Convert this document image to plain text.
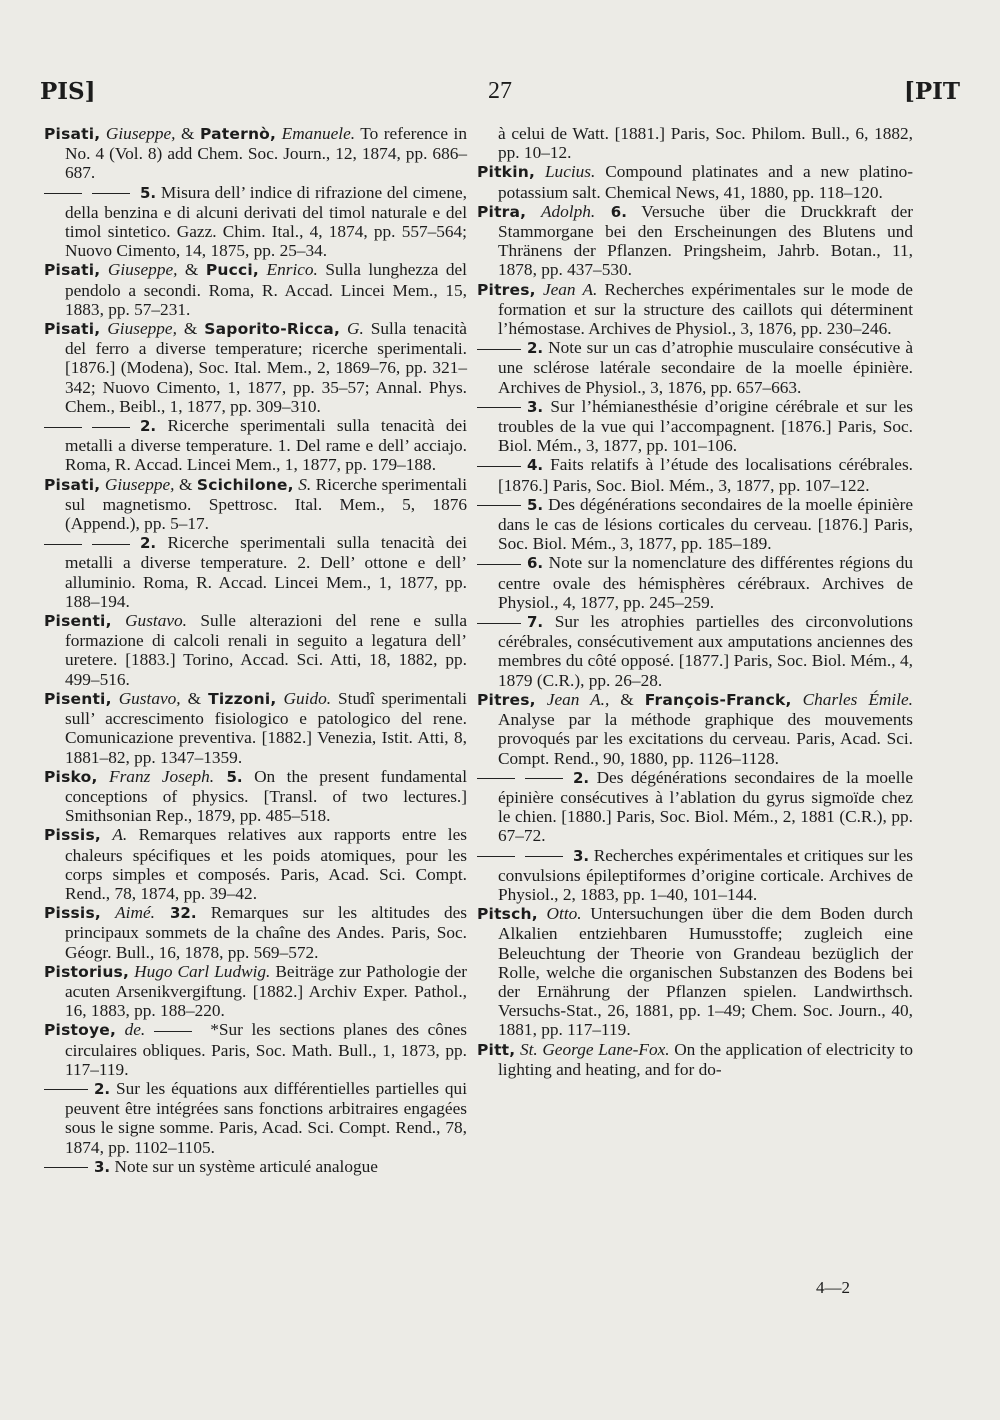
27
PIS]	[PIT
Pisati, Giuseppe, & Paternò, Emanuele. To reference in No. 4 (Vol. 8) add Chem. Soc. Journ., 12, 1874, pp. 686–687.
5. Misura dell’ indice di rifrazione del cimene, della benzina e di alcuni derivati del timol naturale e del timol sintetico. Gazz. Chim. Ital., 4, 1874, pp. 557–564; Nuovo Cimento, 14, 1875, pp. 25–34.
Pisati, Giuseppe, & Pucci, Enrico. Sulla lunghezza del pendolo a secondi. Roma, R. Accad. Lincei Mem., 15, 1883, pp. 57–231.
Pisati, Giuseppe, & Saporito-Ricca, G. Sulla tenacità del ferro a diverse temperature; ricerche sperimentali. [1876.] (Modena), Soc. Ital. Mem., 2, 1869–76, pp. 321–342; Nuovo Cimento, 1, 1877, pp. 35–57; Annal. Phys. Chem., Beibl., 1, 1877, pp. 309–310.
2. Ricerche sperimentali sulla tenacità dei metalli a diverse temperature. 1. Del rame e dell’ acciajo. Roma, R. Accad. Lincei Mem., 1, 1877, pp. 179–188.
Pisati, Giuseppe, & Scichilone, S. Ricerche sperimentali sul magnetismo. Spettrosc. Ital. Mem., 5, 1876 (Append.), pp. 5–17.
2. Ricerche sperimentali sulla tenacità dei metalli a diverse temperature. 2. Dell’ ottone e dell’ alluminio. Roma, R. Accad. Lincei Mem., 1, 1877, pp. 188–194.
Pisenti, Gustavo. Sulle alterazioni del rene e sulla formazione di calcoli renali in seguito a legatura dell’ uretere. [1883.] Torino, Accad. Sci. Atti, 18, 1882, pp. 499–516.
Pisenti, Gustavo, & Tizzoni, Guido. Studî sperimentali sull’ accrescimento fisiologico e patologico del rene. Comunicazione preventiva. [1882.] Venezia, Istit. Atti, 8, 1881–82, pp. 1347–1359.
Pisko, Franz Joseph. 5. On the present fundamental conceptions of physics. [Transl. of two lectures.] Smithsonian Rep., 1879, pp. 485–518.
Pissis, A. Remarques relatives aux rapports entre les chaleurs spécifiques et les poids atomiques, pour les corps simples et composés. Paris, Acad. Sci. Compt. Rend., 78, 1874, pp. 39–42.
Pissis, Aimé. 32. Remarques sur les altitudes des principaux sommets de la chaîne des Andes. Paris, Soc. Géogr. Bull., 16, 1878, pp. 569–572.
Pistorius, Hugo Carl Ludwig. Beiträge zur Pathologie der acuten Arsenikvergiftung. [1882.] Archiv Exper. Pathol., 16, 1883, pp. 188–220.
Pistoye, de.	*Sur les sections planes des cônes circulaires obliques. Paris, Soc. Math. Bull., 1, 1873, pp. 117–119.
2. Sur les équations aux différentielles partielles qui peuvent être intégrées sans fonctions arbitraires engagées sous le signe somme. Paris, Acad. Sci. Compt. Rend., 78, 1874, pp. 1102–1105.
3. Note sur un système articulé analogue
à celui de Watt. [1881.] Paris, Soc. Philom. Bull., 6, 1882, pp. 10–12.
Pitkin, Lucius. Compound platinates and a new platino-potassium salt. Chemical News, 41, 1880, pp. 118–120.
Pitra, Adolph. 6. Versuche über die Druckkraft der Stammorgane bei den Erscheinungen des Blutens und Thränens der Pflanzen. Pringsheim, Jahrb. Botan., 11, 1878, pp. 437–530.
Pitres, Jean A. Recherches expérimentales sur le mode de formation et sur la structure des caillots qui déterminent l’hémostase. Archives de Physiol., 3, 1876, pp. 230–246.
2. Note sur un cas d’atrophie musculaire consécutive à une sclérose latérale secondaire de la moelle épinière. Archives de Physiol., 3, 1876, pp. 657–663.
3. Sur l’hémianesthésie d’origine cérébrale et sur les troubles de la vue qui l’accompagnent. [1876.] Paris, Soc. Biol. Mém., 3, 1877, pp. 101–106.
4. Faits relatifs à l’étude des localisations cérébrales. [1876.] Paris, Soc. Biol. Mém., 3, 1877, pp. 107–122.
5. Des dégénérations secondaires de la moelle épinière dans le cas de lésions corticales du cerveau. [1876.] Paris, Soc. Biol. Mém., 3, 1877, pp. 185–189.
6. Note sur la nomenclature des différentes régions du centre ovale des hémisphères cérébraux. Archives de Physiol., 4, 1877, pp. 245–259.
7. Sur les atrophies partielles des circonvolutions cérébrales, consécutivement aux amputations anciennes des membres du côté opposé. [1877.] Paris, Soc. Biol. Mém., 4, 1879 (C.R.), pp. 26–28.
Pitres, Jean A., & François-Franck, Charles Émile. Analyse par la méthode graphique des mouvements provoqués par les excitations du cerveau. Paris, Acad. Sci. Compt. Rend., 90, 1880, pp. 1126–1128.
2. Des dégénérations secondaires de la moelle épinière consécutives à l’ablation du gyrus sigmoïde chez le chien. [1880.] Paris, Soc. Biol. Mém., 2, 1881 (C.R.), pp. 67–72.
3. Recherches expérimentales et critiques sur les convulsions épileptiformes d’origine corticale. Archives de Physiol., 2, 1883, pp. 1–40, 101–144.
Pitsch, Otto. Untersuchungen über die dem Boden durch Alkalien entziehbaren Humusstoffe; zugleich eine Beleuchtung der Theorie von Grandeau bezüglich der Rolle, welche die organischen Substanzen des Bodens bei der Ernährung der Pflanzen spielen. Landwirthsch. Versuchs-Stat., 26, 1881, pp. 1–49; Chem. Soc. Journ., 40, 1881, pp. 117–119.
Pitt, St. George Lane-Fox. On the application of electricity to lighting and heating, and for do-
4—2
